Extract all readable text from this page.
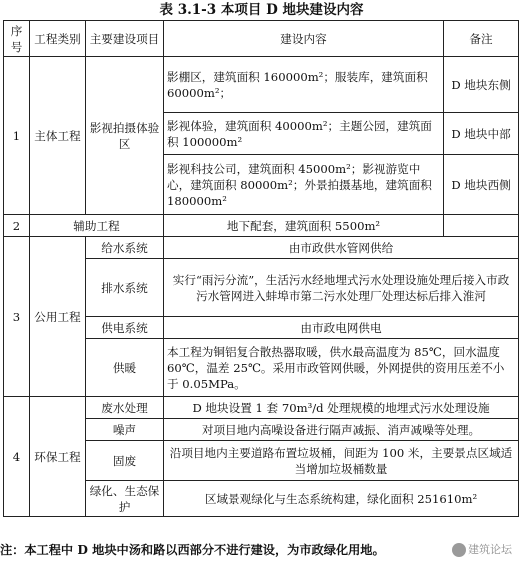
表 3.1-3 本项目 D 地块建设内容
序号	工程类别	主要建设项目	建设内容	备注
1	主体工程	影视拍摄体验区	影棚区，建筑面积 160000m²；服装库，建筑面积 60000m²；	D 地块东侧
			影视体验，建筑面积 40000m²；主题公园，建筑面积 100000m²	D 地块中部
			影视科技公司，建筑面积 45000m²；影视游览中心，建筑面积 80000m²；外景拍摄基地，建筑面积 180000m²	D 地块西侧
2	辅助工程		地下配套，建筑面积 5500m²	
3	公用工程	给水系统	由市政供水管网供给	
		排水系统	实行“雨污分流”，生活污水经地埋式污水处理设施处理后接入市政污水管网进入蚌埠市第二污水处理厂处理达标后排入淮河	
		供电系统	由市政电网供电	
		供暖	本工程为铜铝复合散热器取暖，供水最高温度为 85℃，回水温度 60℃，温差 25℃。采用市政管网供暖，外网提供的资用压差不小于 0.05MPa。	
4	环保工程	废水处理	D 地块设置 1 套 70m³/d 处理规模的地埋式污水处理设施	
		噪声	对项目地内高噪设备进行隔声减振、消声减噪等处理。	
		固废	沿项目地内主要道路布置垃圾桶，间距为 100 米，主要景点区域适当增加垃圾桶数量	
		绿化、生态保护	区域景观绿化与生态系统构建，绿化面积 251610m²	
注：本工程中 D 地块中汤和路以西部分不进行建设，为市政绿化用地。	建筑论坛
